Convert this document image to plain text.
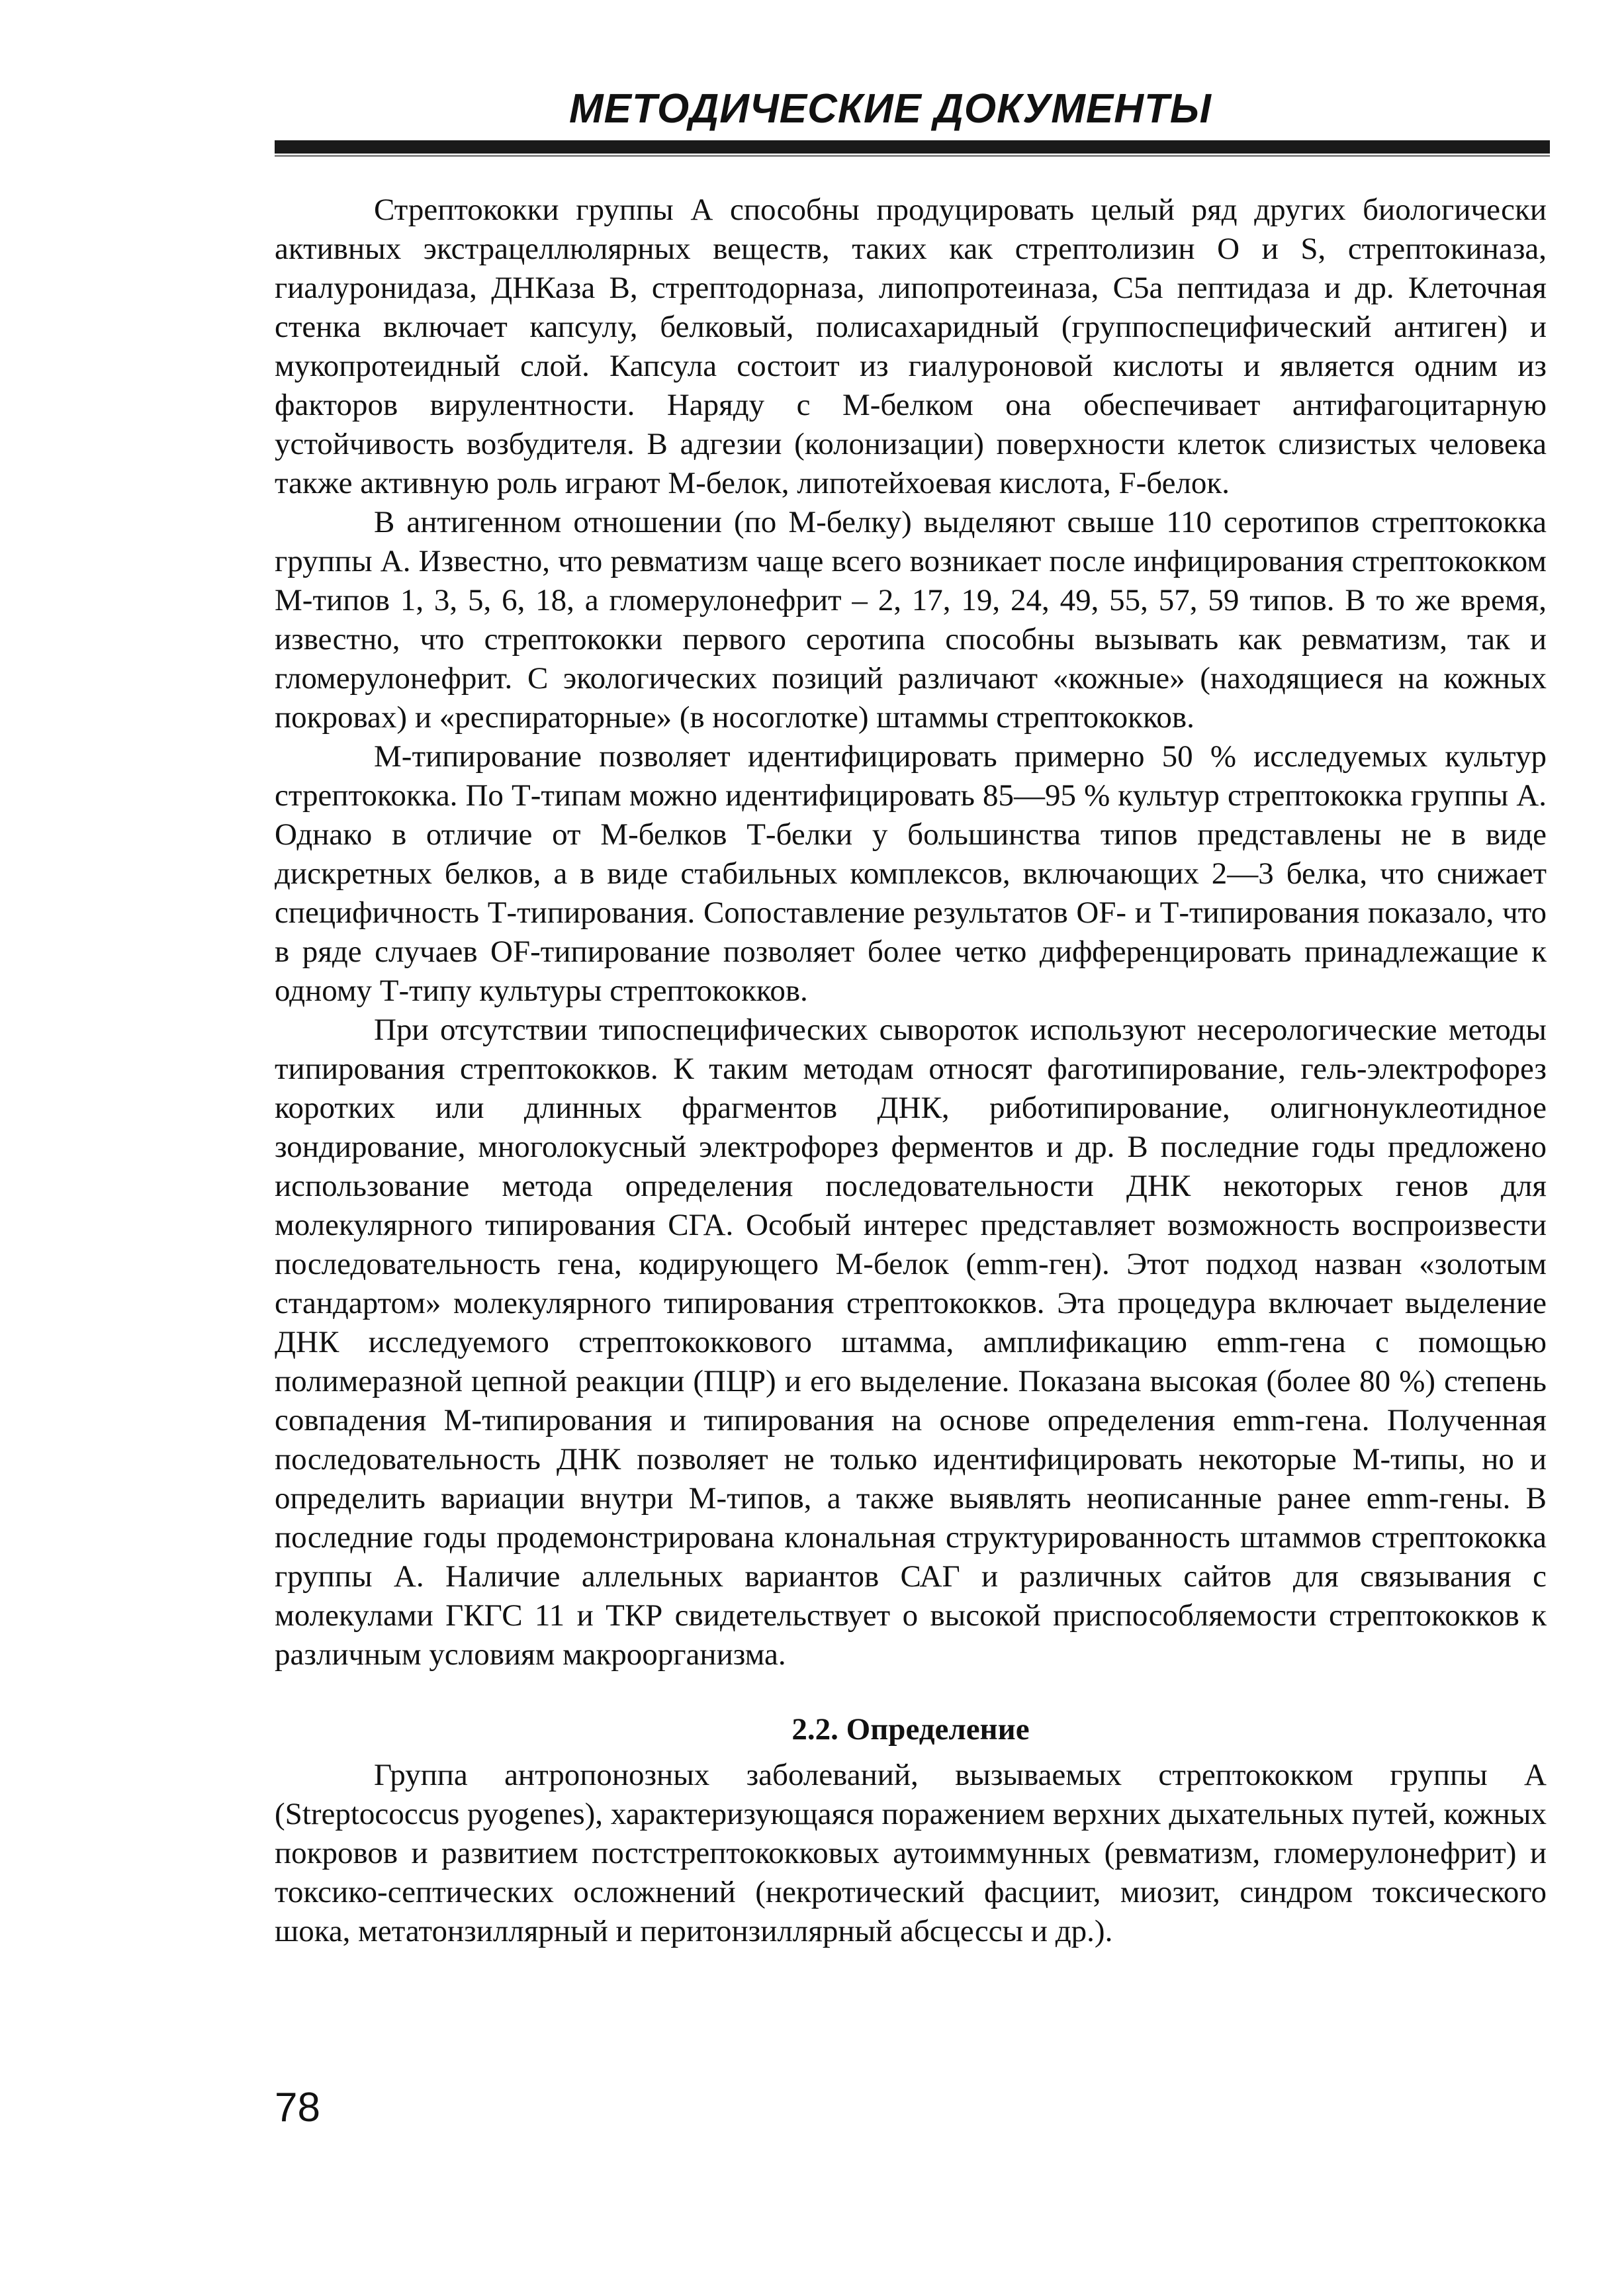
МЕТОДИЧЕСКИЕ ДОКУМЕНТЫ

Стрептококки группы А способны продуцировать целый ряд других биологически активных экстрацеллюлярных веществ, таких как стрептолизин О и S, стрептокиназа, гиалуронидаза, ДНКаза В, стрептодорназа, липопротеиназа, С5а пептидаза и др. Клеточная стенка включает капсулу, белковый, полисахаридный (группоспецифический антиген) и мукопротеидный слой. Капсула состоит из гиалуроновой кислоты и является одним из факторов вирулентности. Наряду с М-белком она обеспечивает антифагоцитарную устойчивость возбудителя. В адгезии (колонизации) поверхности клеток слизистых человека также активную роль играют М-белок, липотейхоевая кислота, F-белок.

В антигенном отношении (по М-белку) выделяют свыше 110 серотипов стрептококка группы А. Известно, что ревматизм чаще всего возникает после инфицирования стрептококком М-типов 1, 3, 5, 6, 18, а гломерулонефрит – 2, 17, 19, 24, 49, 55, 57, 59 типов. В то же время, известно, что стрептококки первого серотипа способны вызывать как ревматизм, так и гломерулонефрит. С экологических позиций различают «кожные» (находящиеся на кожных покровах) и «респираторные» (в носоглотке) штаммы стрептококков.

М-типирование позволяет идентифицировать примерно 50 % исследуемых культур стрептококка. По Т-типам можно идентифицировать 85—95 % культур стрептококка группы А. Однако в отличие от М-белков Т-белки у большинства типов представлены не в виде дискретных белков, а в виде стабильных комплексов, включающих 2—3 белка, что снижает специфичность Т-типирования. Сопоставление результатов OF- и Т-типирования показало, что в ряде случаев OF-типирование позволяет более четко дифференцировать принадлежащие к одному Т-типу культуры стрептококков.

При отсутствии типоспецифических сывороток используют несерологические методы типирования стрептококков. К таким методам относят фаготипирование, гель-электрофорез коротких или длинных фрагментов ДНК, риботипирование, олигнонуклеотидное зондирование, многолокусный электрофорез ферментов и др. В последние годы предложено использование метода определения последовательности ДНК некоторых генов для молекулярного типирования СГА. Особый интерес представляет возможность воспроизвести последовательность гена, кодирующего М-белок (emm-ген). Этот подход назван «золотым стандартом» молекулярного типирования стрептококков. Эта процедура включает выделение ДНК исследуемого стрептококкового штамма, амплификацию emm-гена с помощью полимеразной цепной реакции (ПЦР) и его выделение. Показана высокая (более 80 %) степень совпадения М-типирования и типирования на основе определения emm-гена. Полученная последовательность ДНК позволяет не только идентифицировать некоторые М-типы, но и определить вариации внутри М-типов, а также выявлять неописанные ранее emm-гены. В последние годы продемонстрирована клональная структурированность штаммов стрептококка группы А. Наличие аллельных вариантов САГ и различных сайтов для связывания с молекулами ГКГС 11 и ТКР свидетельствует о высокой приспособляемости стрептококков к различным условиям макроорганизма.

2.2. Определение

Группа антропонозных заболеваний, вызываемых стрептококком группы А (Streptococcus pyogenes), характеризующаяся поражением верхних дыхательных путей, кожных покровов и развитием постстрептококковых аутоиммунных (ревматизм, гломерулонефрит) и токсико-септических осложнений (некротический фасциит, миозит, синдром токсического шока, метатонзиллярный и перитонзиллярный абсцессы и др.).

78
